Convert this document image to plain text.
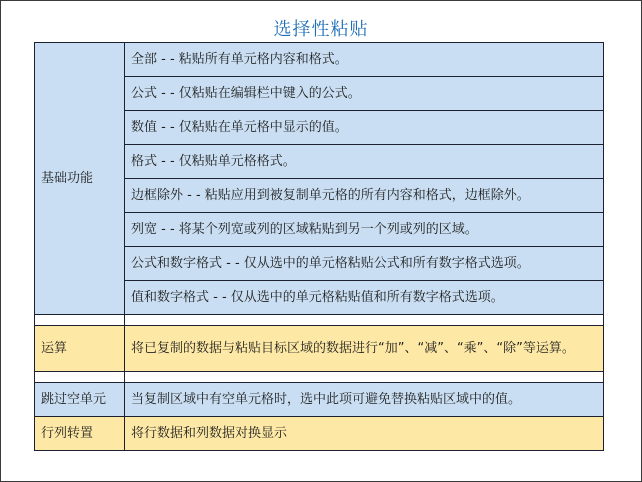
选择性粘贴
基础功能	全部 - - 粘贴所有单元格内容和格式。
	公式 - - 仅粘贴在编辑栏中键入的公式。
	数值 - - 仅粘贴在单元格中显示的值。
	格式 - - 仅粘贴单元格格式。
	边框除外 - - 粘贴应用到被复制单元格的所有内容和格式，边框除外。
	列宽 - - 将某个列宽或列的区域粘贴到另一个列或列的区域。
	公式和数字格式 - - 仅从选中的单元格粘贴公式和所有数字格式选项。
	值和数字格式 - - 仅从选中的单元格粘贴值和所有数字格式选项。

运算	将已复制的数据与粘贴目标区域的数据进行“加”、“减”、“乘”、“除”等运算。

跳过空单元	当复制区域中有空单元格时，选中此项可避免替换粘贴区域中的值。
行列转置	将行数据和列数据对换显示
